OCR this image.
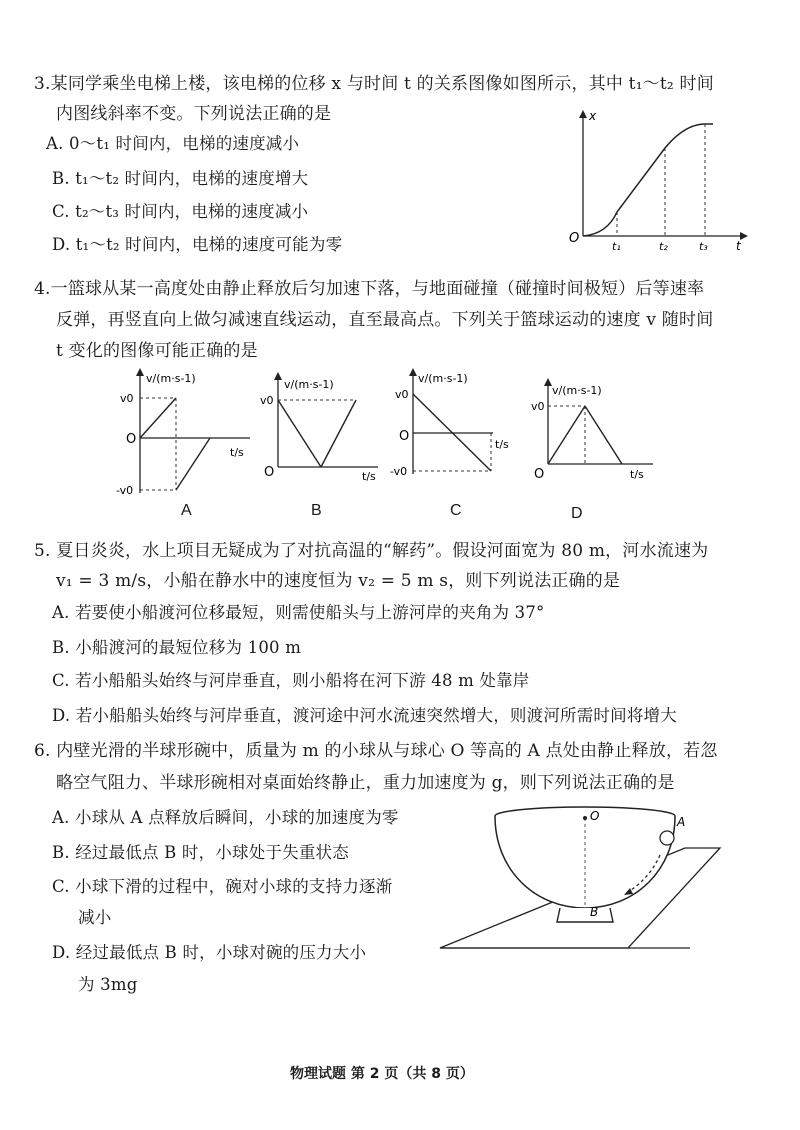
3.某同学乘坐电梯上楼，该电梯的位移 x 与时间 t 的关系图像如图所示，其中 t₁～t₂ 时间
内图线斜率不变。下列说法正确的是
A. 0～t₁ 时间内，电梯的速度减小
B. t₁～t₂ 时间内，电梯的速度增大
C. t₂～t₃ 时间内，电梯的速度减小
D. t₁～t₂ 时间内，电梯的速度可能为零
x
O
t₁	t₂	t₃ t
4.一篮球从某一高度处由静止释放后匀加速下落，与地面碰撞（碰撞时间极短）后等速率
反弹，再竖直向上做匀减速直线运动，直至最高点。下列关于篮球运动的速度 v 随时间
t 变化的图像可能正确的是
v/(m·s-1)
v0
O
t/s
-v0
A
v/(m·s-1)
v0
O	t/s
B
v/(m·s-1)
v0
O
t/s
-v0
C
v/(m·s-1)
v0
O	t/s
D
5. 夏日炎炎，水上项目无疑成为了对抗高温的“解药”。假设河面宽为 80 m，河水流速为
v₁ = 3 m/s，小船在静水中的速度恒为 v₂ = 5 m s，则下列说法正确的是
A. 若要使小船渡河位移最短，则需使船头与上游河岸的夹角为 37°
B. 小船渡河的最短位移为 100 m
C. 若小船船头始终与河岸垂直，则小船将在河下游 48 m 处靠岸
D. 若小船船头始终与河岸垂直，渡河途中河水流速突然增大，则渡河所需时间将增大
6. 内壁光滑的半球形碗中，质量为 m 的小球从与球心 O 等高的 A 点处由静止释放，若忽
略空气阻力、半球形碗相对桌面始终静止，重力加速度为 g，则下列说法正确的是
A. 小球从 A 点释放后瞬间，小球的加速度为零
B. 经过最低点 B 时，小球处于失重状态
C. 小球下滑的过程中，碗对小球的支持力逐渐
减小
D. 经过最低点 B 时，小球对碗的压力大小
为 3mg
O	A
B
物理试题 第 2 页（共 8 页）
